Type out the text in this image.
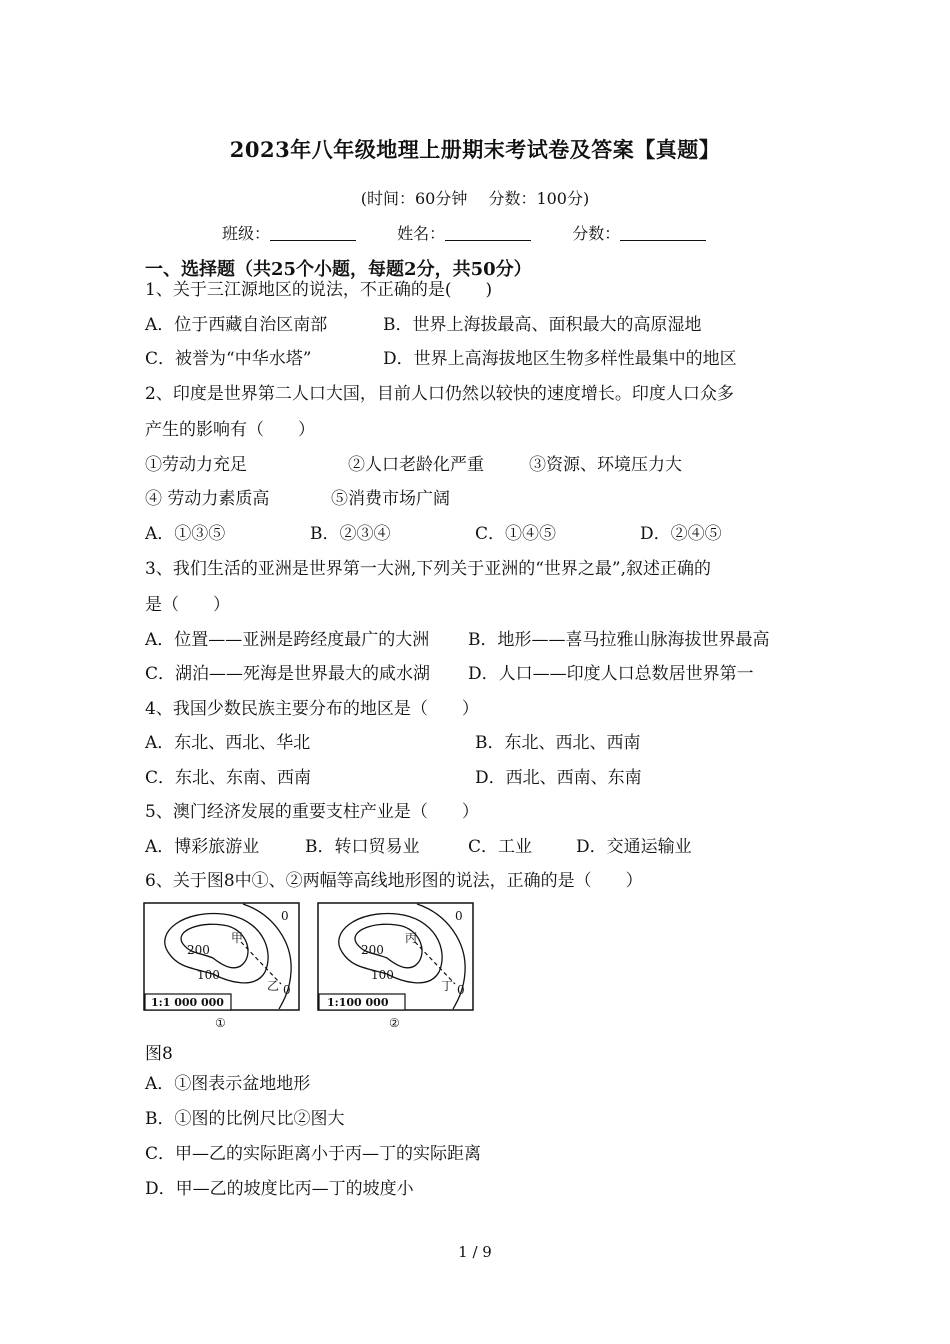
2023年八年级地理上册期末考试卷及答案【真题】
(时间：60分钟　 分数：100分)
班级：	姓名：	分数：
一、选择题（共25个小题，每题2分，共50分）
1、关于三江源地区的说法，不正确的是(　　)
A．位于西藏自治区南部	B．世界上海拔最高、面积最大的高原湿地
C．被誉为“中华水塔”	D．世界上高海拔地区生物多样性最集中的地区
2、印度是世界第二人口大国，目前人口仍然以较快的速度增长。印度人口众多
产生的影响有（　　）
①劳动力充足	②人口老龄化严重	③资源、环境压力大
④ 劳动力素质高	⑤消费市场广阔
A．①③⑤	B．②③④	C．①④⑤	D．②④⑤
3、我们生活的亚洲是世界第一大洲,下列关于亚洲的“世界之最”,叙述正确的
是（　　）
A．位置——亚洲是跨经度最广的大洲 B．地形——喜马拉雅山脉海拔世界最高
C．湖泊——死海是世界最大的咸水湖 D．人口——印度人口总数居世界第一
4、我国少数民族主要分布的地区是（　　）
A．东北、西北、华北	B．东北、西北、西南
C．东北、东南、西南	D．西北、西南、东南
5、澳门经济发展的重要支柱产业是（　　）
A．博彩旅游业	B．转口贸易业	C．工业	D．交通运输业
6、关于图8中①、②两幅等高线地形图的说法，正确的是（　　）
甲
200
100
0
0
乙
1:1 000 000
①
丙
200
100
0
0
丁
1:100 000
②
图8
A．①图表示盆地地形
B．①图的比例尺比②图大
C．甲—乙的实际距离小于丙—丁的实际距离
D．甲—乙的坡度比丙—丁的坡度小
1 / 9
